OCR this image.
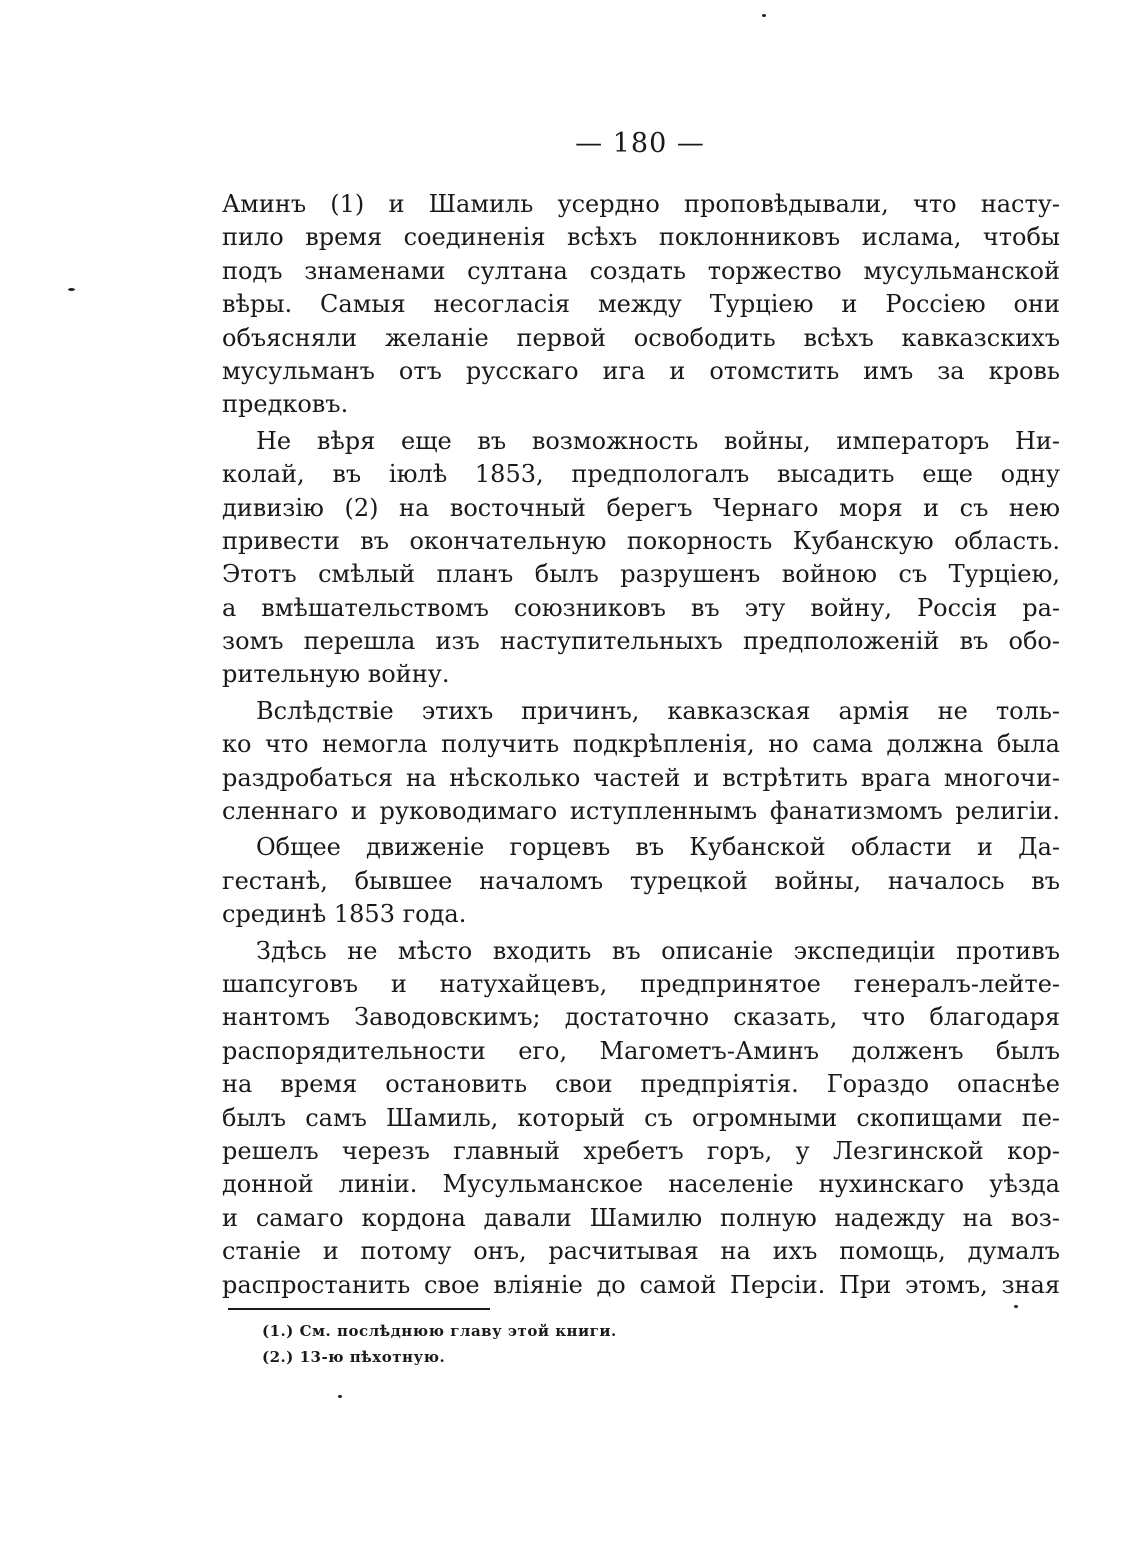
— 180 —
Аминъ (1) и Шамиль усердно проповѣдывали, что насту-
пило время соединенія всѣхъ поклонниковъ ислама, чтобы
подъ знаменами султана создать торжество мусульманской
вѣры. Самыя несогласія между Турціею и Россіею они
объясняли желаніе первой освободить всѣхъ кавказскихъ
мусульманъ отъ русскаго ига и отомстить имъ за кровь
предковъ.
Не вѣря еще въ возможность войны, императоръ Ни-
колай, въ іюлѣ 1853, предпологалъ высадить еще одну
дивизію (2) на восточный берегъ Чернаго моря и съ нею
привести въ окончательную покорность Кубанскую область.
Этотъ смѣлый планъ былъ разрушенъ войною съ Турціею,
а вмѣшательствомъ союзниковъ въ эту войну, Россія ра-
зомъ перешла изъ наступительныхъ предположеній въ обо-
рительную войну.
Вслѣдствіе этихъ причинъ, кавказская армія не толь-
ко что немогла получить подкрѣпленія, но сама должна была
раздробаться на нѣсколько частей и встрѣтить врага многочи-
сленнаго и руководимаго иступленнымъ фанатизмомъ религіи.
Общее движеніе горцевъ въ Кубанской области и Да-
гестанѣ, бывшее началомъ турецкой войны, началось въ
срединѣ 1853 года.
Здѣсь не мѣсто входить въ описаніе экспедиціи противъ
шапсуговъ и натухайцевъ, предпринятое генералъ-лейте-
нантомъ Заводовскимъ; достаточно сказать, что благодаря
распорядительности его, Магометъ-Аминъ долженъ былъ
на время остановить свои предпріятія. Гораздо опаснѣе
былъ самъ Шамиль, который съ огромными скопищами пе-
решелъ черезъ главный хребетъ горъ, у Лезгинской кор-
донной линіи. Мусульманское населеніе нухинскаго уѣзда
и самаго кордона давали Шамилю полную надежду на воз-
станіе и потому онъ, расчитывая на ихъ помощь, думалъ
распростанить свое вліяніе до самой Персіи. При этомъ, зная
(1.) См. послѣднюю главу этой книги.
(2.) 13-ю пѣхотную.
